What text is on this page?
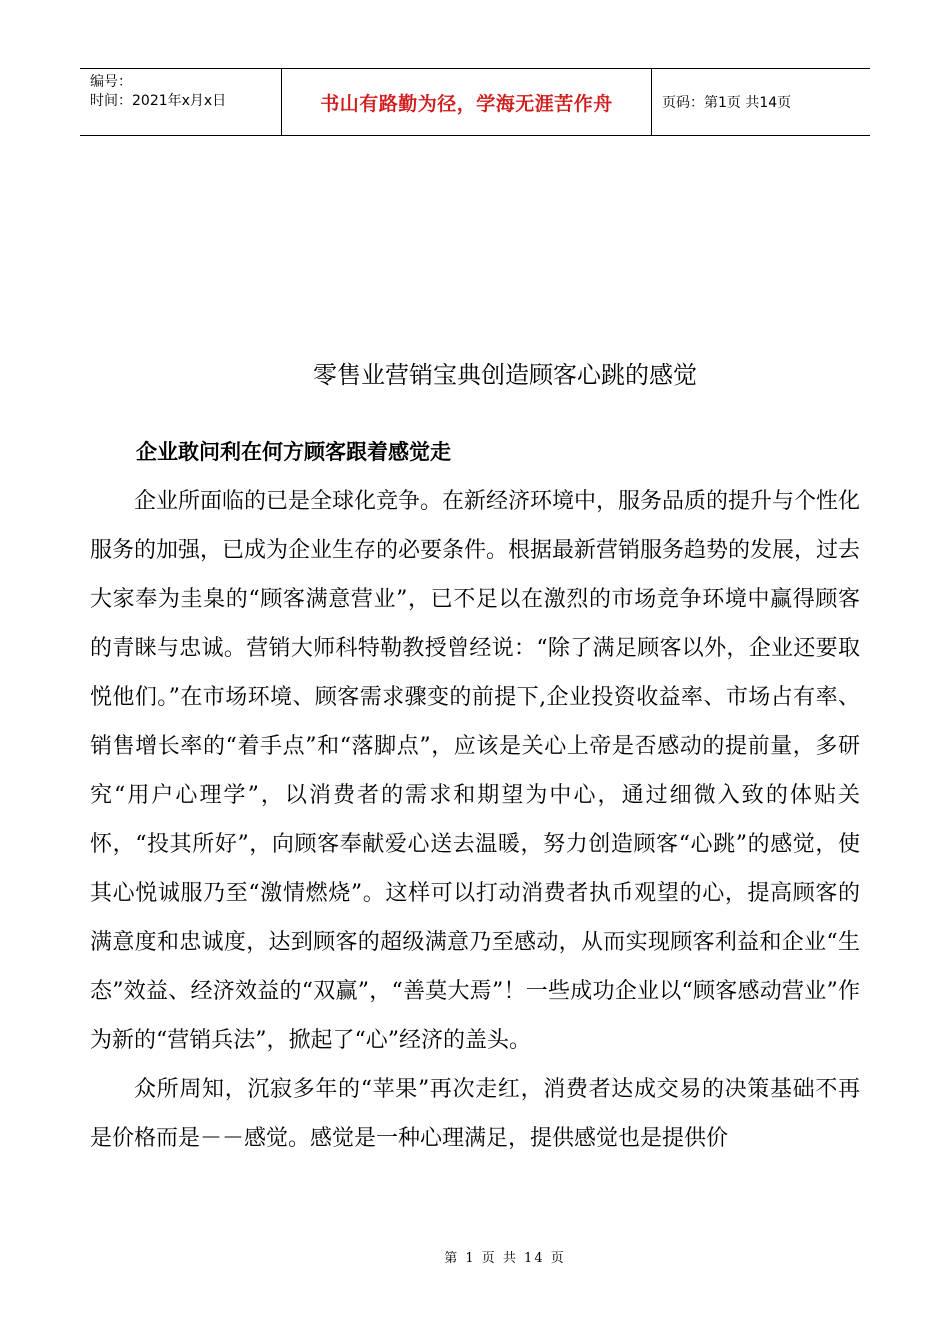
编号：
时间：2021年x月x日	书山有路勤为径，学海无涯苦作舟	页码：第1页 共14页
零售业营销宝典创造顾客心跳的感觉

企业敢问利在何方顾客跟着感觉走

企业所面临的已是全球化竞争。在新经济环境中，服务品质的提升与个性化服务的加强，已成为企业生存的必要条件。根据最新营销服务趋势的发展，过去大家奉为圭臬的“顾客满意营业”，已不足以在激烈的市场竞争环境中赢得顾客的青睐与忠诚。营销大师科特勒教授曾经说：“除了满足顾客以外，企业还要取悦他们。”在市场环境、顾客需求骤变的前提下,企业投资收益率、市场占有率、销售增长率的“着手点”和“落脚点”，应该是关心上帝是否感动的提前量，多研究“用户心理学”，以消费者的需求和期望为中心，通过细微入致的体贴关怀，“投其所好”，向顾客奉献爱心送去温暖，努力创造顾客“心跳”的感觉，使其心悦诚服乃至“激情燃烧”。这样可以打动消费者执币观望的心，提高顾客的满意度和忠诚度，达到顾客的超级满意乃至感动，从而实现顾客利益和企业“生态”效益、经济效益的“双赢”，“善莫大焉”！一些成功企业以“顾客感动营业”作为新的“营销兵法”，掀起了“心”经济的盖头。

众所周知，沉寂多年的“苹果”再次走红，消费者达成交易的决策基础不再是价格而是－－感觉。感觉是一种心理满足，提供感觉也是提供价

第 1 页 共 14 页
